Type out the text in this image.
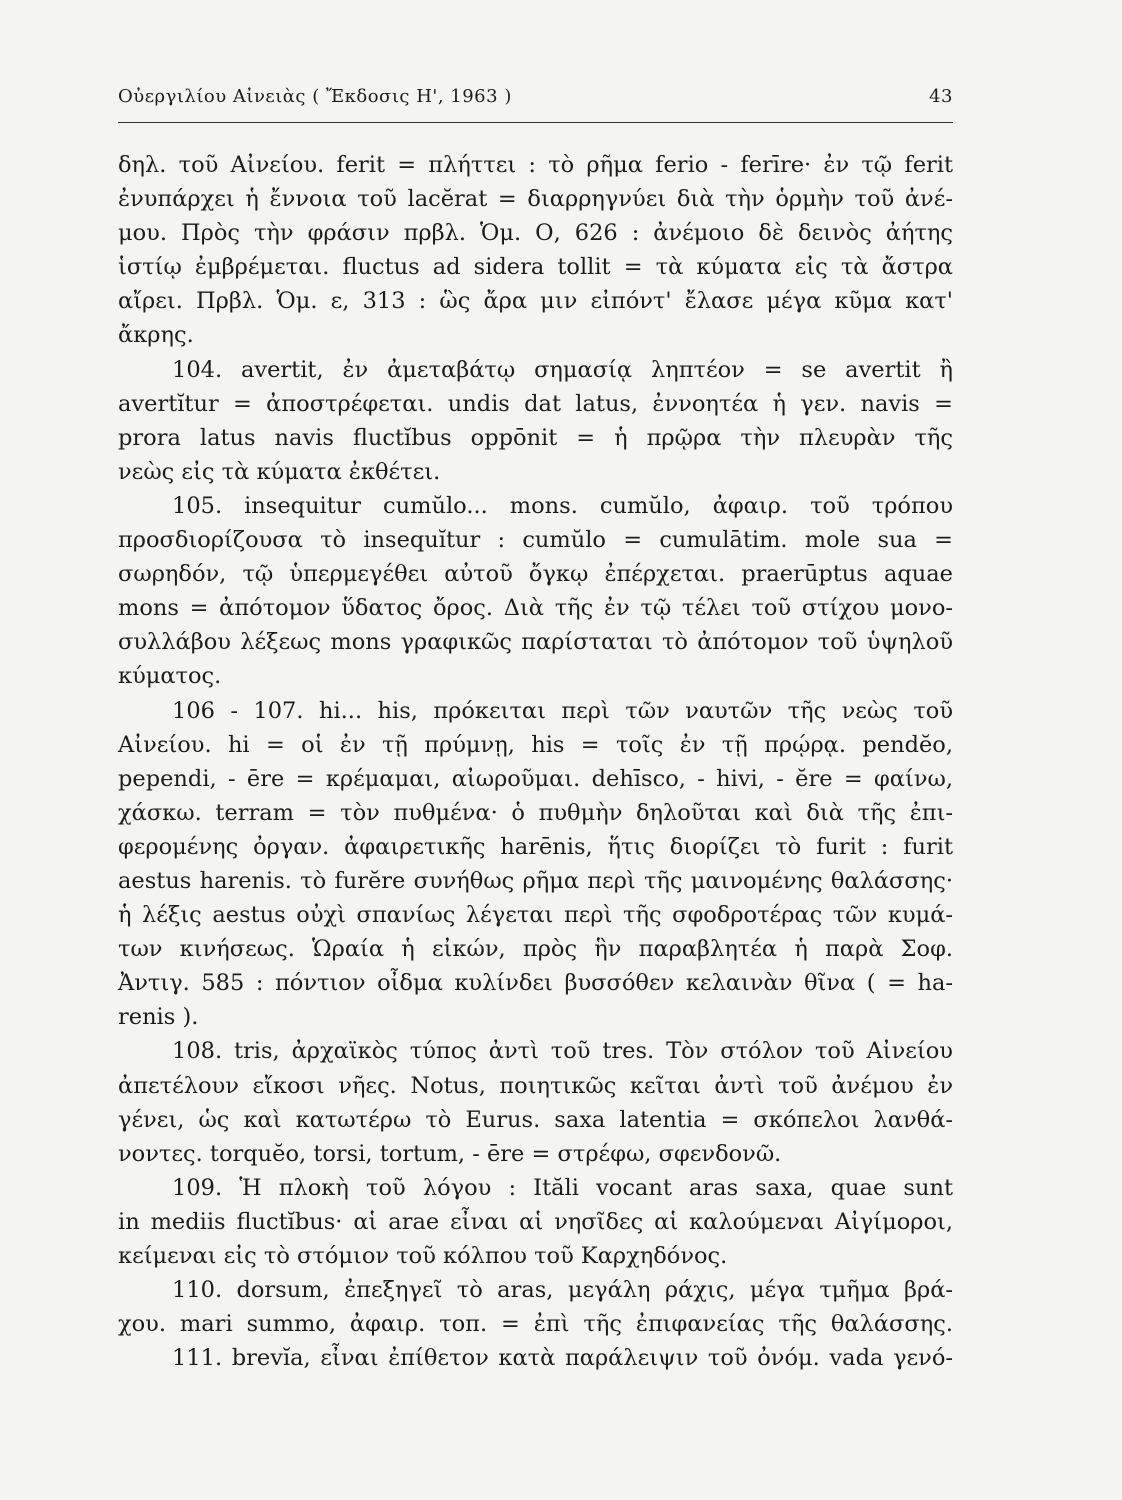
Οὐεργιλίου Αἰνειὰς ( Ἔκδοσις Η', 1963 )	43
δηλ. τοῦ Αἰνείου. ferit = πλήττει : τὸ ρῆμα ferio - ferīre· ἐν τῷ ferit
ἐνυπάρχει ἡ ἔννοια τοῦ lacĕrat = διαρρηγνύει διὰ τὴν ὁρμὴν τοῦ ἀνέ-
μου. Πρὸς τὴν φράσιν πρβλ. Ὁμ. Ο, 626 : ἀνέμοιο δὲ δεινὸς ἀήτης
ἱστίῳ ἐμβρέμεται. fluctus ad sidera tollit = τὰ κύματα εἰς τὰ ἄστρα
αἴρει. Πρβλ. Ὁμ. ε, 313 : ὣς ἄρα μιν εἰπόντ' ἔλασε μέγα κῦμα κατ'
ἄκρης.
104. avertit, ἐν ἀμεταβάτῳ σημασίᾳ ληπτέον = se avertit ἢ
avertĭtur = ἀποστρέφεται. undis dat latus, ἐννοητέα ἡ γεν. navis =
prora latus navis fluctĭbus oppōnit = ἡ πρῷρα τὴν πλευρὰν τῆς
νεὼς εἰς τὰ κύματα ἐκθέτει.
105. insequitur cumŭlo... mons. cumŭlo, ἀφαιρ. τοῦ τρόπου
προσδιορίζουσα τὸ insequĭtur : cumŭlo = cumulātim. mole sua =
σωρηδόν, τῷ ὑπερμεγέθει αὐτοῦ ὄγκῳ ἐπέρχεται. praerūptus aquae
mons = ἀπότομον ὕδατος ὄρος. Διὰ τῆς ἐν τῷ τέλει τοῦ στίχου μονο-
συλλάβου λέξεως mons γραφικῶς παρίσταται τὸ ἀπότομον τοῦ ὑψηλοῦ
κύματος.
106 - 107. hi... his, πρόκειται περὶ τῶν ναυτῶν τῆς νεὼς τοῦ
Αἰνείου. hi = οἱ ἐν τῇ πρύμνῃ, his = τοῖς ἐν τῇ πρῴρᾳ. pendĕo,
pependi, - ēre = κρέμαμαι, αἰωροῦμαι. dehīsco, - hivi, - ĕre = φαίνω,
χάσκω. terram = τὸν πυθμένα· ὁ πυθμὴν δηλοῦται καὶ διὰ τῆς ἐπι-
φερομένης ὀργαν. ἀφαιρετικῆς harēnis, ἥτις διορίζει τὸ furit : furit
aestus harenis. τὸ furĕre συνήθως ρῆμα περὶ τῆς μαινομένης θαλάσσης·
ἡ λέξις aestus οὐχὶ σπανίως λέγεται περὶ τῆς σφοδροτέρας τῶν κυμά-
των κινήσεως. Ὡραία ἡ εἰκών, πρὸς ἣν παραβλητέα ἡ παρὰ Σοφ.
Ἀντιγ. 585 : πόντιον οἶδμα κυλίνδει βυσσόθεν κελαινὰν θῖνα ( = ha-
renis ).
108. tris, ἀρχαϊκὸς τύπος ἀντὶ τοῦ tres. Τὸν στόλον τοῦ Αἰνείου
ἀπετέλουν εἴκοσι νῆες. Notus, ποιητικῶς κεῖται ἀντὶ τοῦ ἀνέμου ἐν
γένει, ὡς καὶ κατωτέρω τὸ Eurus. saxa latentia = σκόπελοι λανθά-
νοντες. torquĕo, torsi, tortum, - ēre = στρέφω, σφενδονῶ.
109. Ἡ πλοκὴ τοῦ λόγου : Ităli vocant aras saxa, quae sunt
in mediis fluctĭbus· αἱ arae εἶναι αἱ νησῖδες αἱ καλούμεναι Αἰγίμοροι,
κείμεναι εἰς τὸ στόμιον τοῦ κόλπου τοῦ Καρχηδόνος.
110. dorsum, ἐπεξηγεῖ τὸ aras, μεγάλη ράχις, μέγα τμῆμα βρά-
χου. mari summo, ἀφαιρ. τοπ. = ἐπὶ τῆς ἐπιφανείας τῆς θαλάσσης.
111. brevĭa, εἶναι ἐπίθετον κατὰ παράλειψιν τοῦ ὀνόμ. vada γενό-
